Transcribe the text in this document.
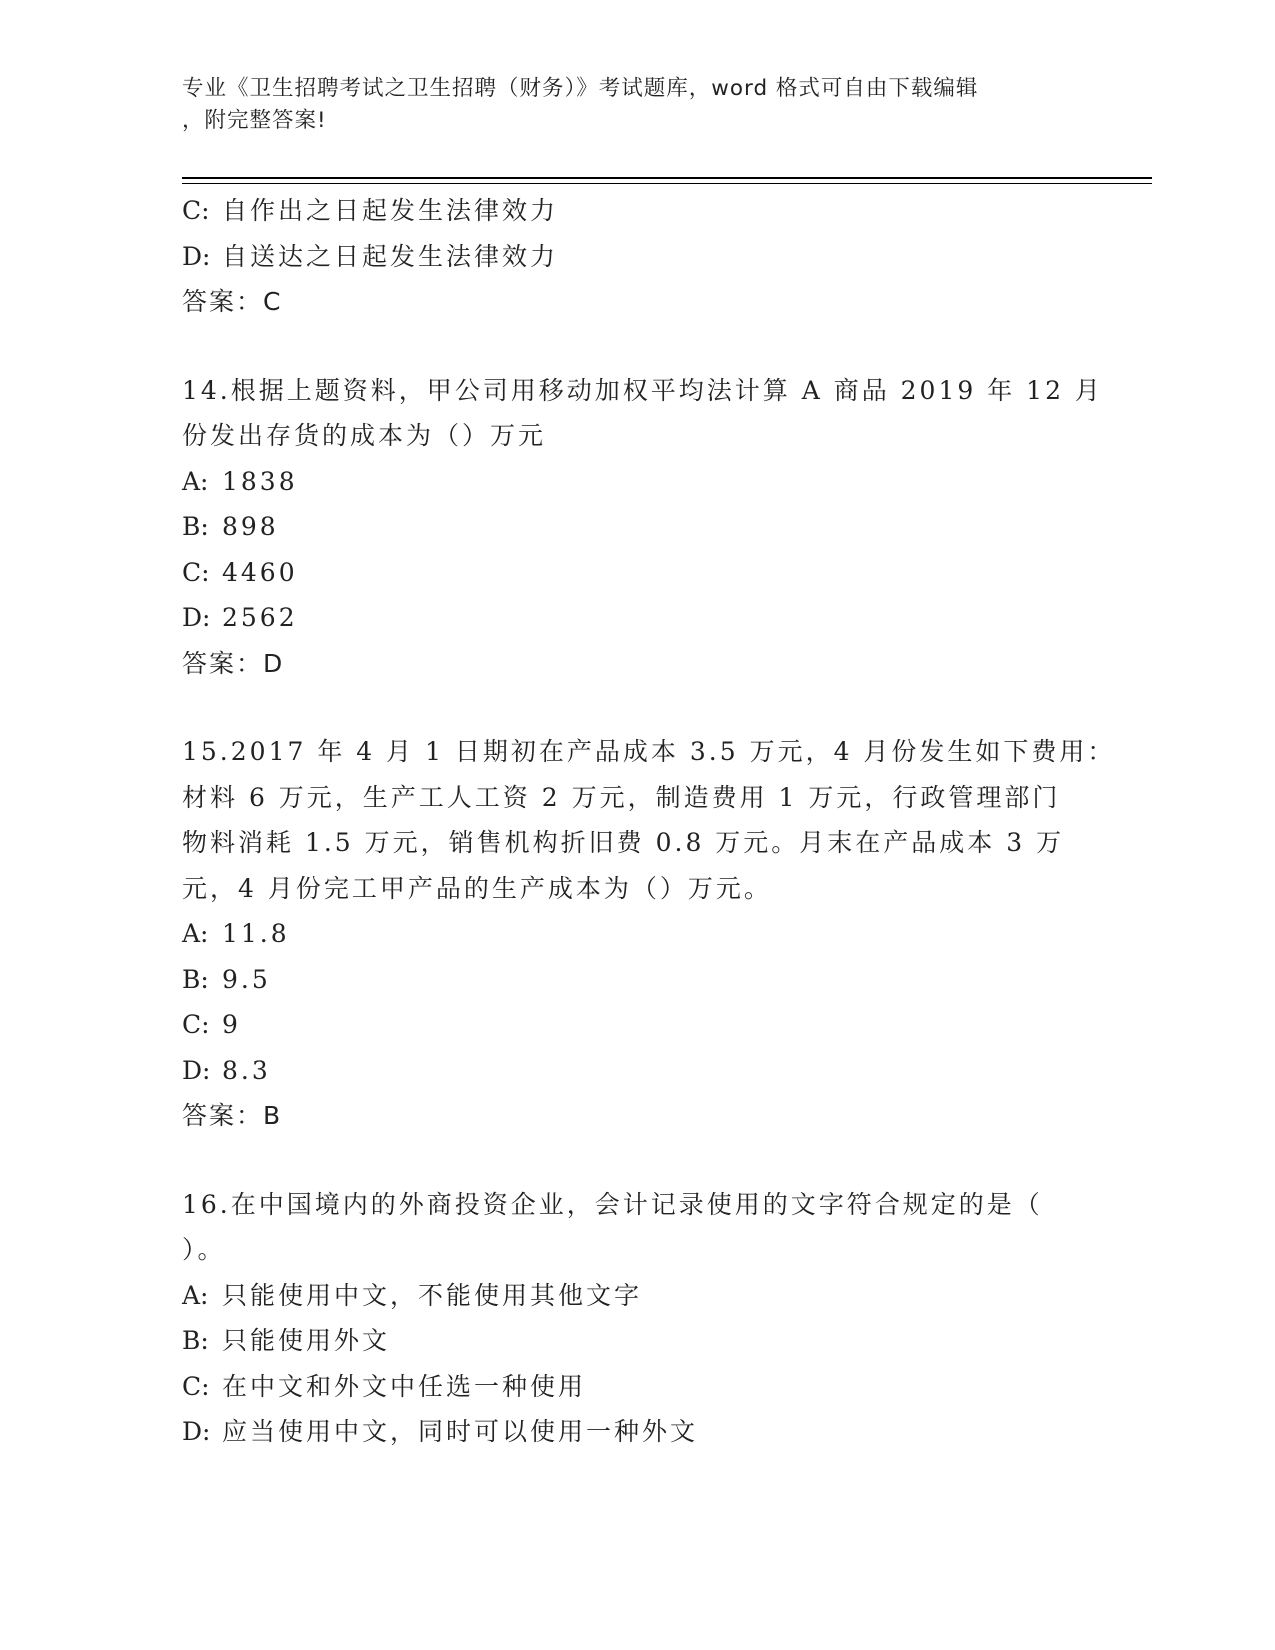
专业《卫生招聘考试之卫生招聘（财务）》考试题库，word 格式可自由下载编辑

，附完整答案!

C: 自作出之日起发生法律效力
D: 自送达之日起发生法律效力
答案：C
14.根据上题资料，甲公司用移动加权平均法计算 A 商品 2019 年 12 月
份发出存货的成本为（）万元
A: 1838
B: 898
C: 4460
D: 2562
答案：D
15.2017 年 4 月 1 日期初在产品成本 3.5 万元，4 月份发生如下费用：
材料 6 万元，生产工人工资 2 万元，制造费用 1 万元，行政管理部门
物料消耗 1.5 万元，销售机构折旧费 0.8 万元。月末在产品成本 3 万
元，4 月份完工甲产品的生产成本为（）万元。
A: 11.8
B: 9.5
C: 9
D: 8.3
答案：B
16.在中国境内的外商投资企业，会计记录使用的文字符合规定的是（
）。
A: 只能使用中文，不能使用其他文字
B: 只能使用外文
C: 在中文和外文中任选一种使用
D: 应当使用中文，同时可以使用一种外文
